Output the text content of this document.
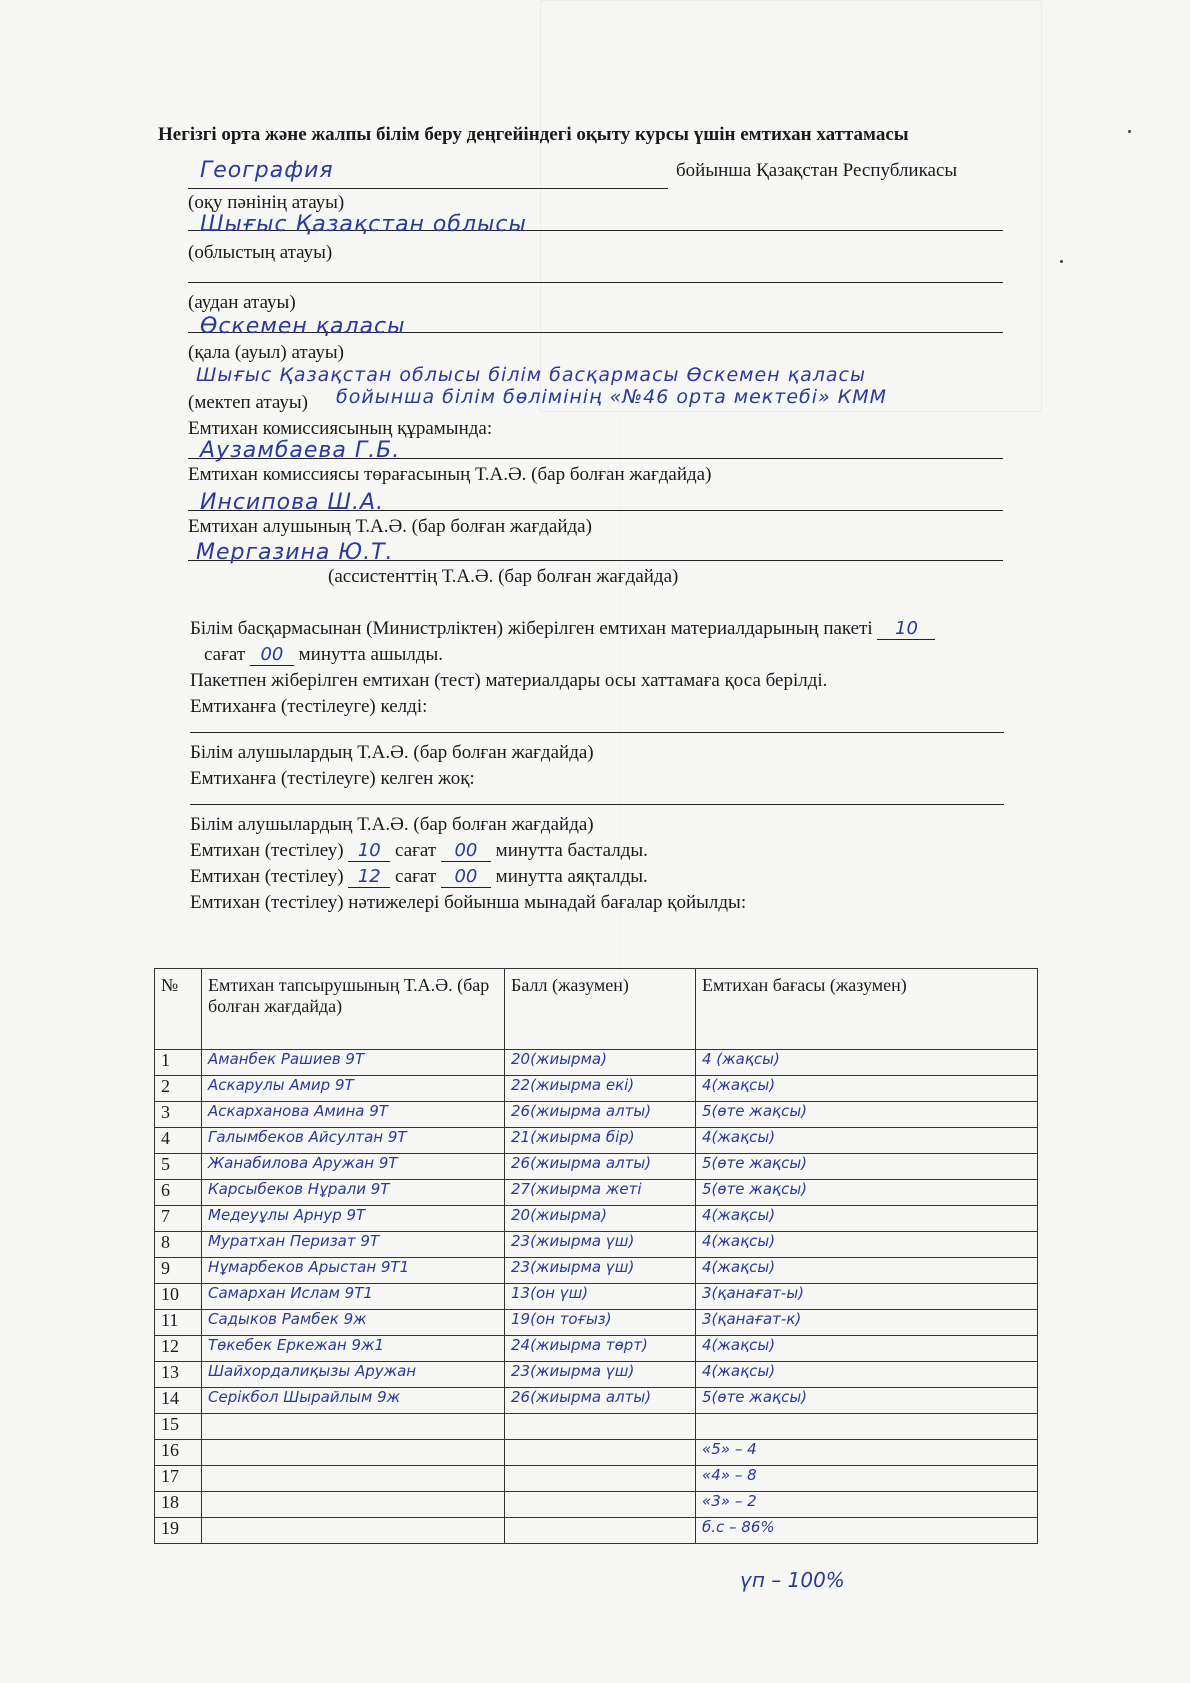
Негізгі орта және жалпы білім беру деңгейіндегі оқыту курсы үшін емтихан хаттамасы
География	бойынша Қазақстан Республикасы
(оқу пәнінің атауы)
Шығыс Қазақстан облысы
(облыстың атауы)
(аудан атауы)
Өскемен қаласы
(қала (ауыл) атауы)
Шығыс Қазақстан облысы білім басқармасы Өскемен қаласы
(мектеп атауы) бойынша білім бөлімінің «№46 орта мектебі» КММ
Емтихан комиссиясының құрамында:
Аузамбаева Г.Б.
Емтихан комиссиясы төрағасының Т.А.Ә. (бар болған жағдайда)
Инсипова Ш.А.
Емтихан алушының Т.А.Ә. (бар болған жағдайда)
Мергазина Ю.Т.
(ассистенттің Т.А.Ә. (бар болған жағдайда)
Білім басқармасынан (Министрліктен) жіберілген емтихан материалдарының пакеті 10
сағат 00 минутта ашылды.
Пакетпен жіберілген емтихан (тест) материалдары осы хаттамаға қоса берілді.
Емтиханға (тестілеуге) келді:
Білім алушылардың Т.А.Ә. (бар болған жағдайда)
Емтиханға (тестілеуге) келген жоқ:
Білім алушылардың Т.А.Ә. (бар болған жағдайда)
Емтихан (тестілеу) 10 сағат 00 минутта басталды.
Емтихан (тестілеу) 12 сағат 00 минутта аяқталды.
Емтихан (тестілеу) нәтижелері бойынша мынадай бағалар қойылды:
№	Емтихан тапсырушының Т.А.Ә. (бар болған жағдайда)	Балл (жазумен)	Емтихан бағасы (жазумен)
1	Аманбек Рашиев 9Т	20(жиырма)	4 (жақсы)
2	Аскарулы Амир 9Т	22(жиырма екі)	4(жақсы)
3	Аскарханова Амина 9Т	26(жиырма алты)	5(өте жақсы)
4	Галымбеков Айсултан 9Т	21(жиырма бір)	4(жақсы)
5	Жанабилова Аружан 9Т	26(жиырма алты)	5(өте жақсы)
6	Карсыбеков Нұрали 9Т	27(жиырма жеті	5(өте жақсы)
7	Медеуұлы Арнур 9Т	20(жиырма)	4(жақсы)
8	Муратхан Перизат 9Т	23(жиырма үш)	4(жақсы)
9	Нұмарбеков Арыстан 9Т1	23(жиырма үш)	4(жақсы)
10	Самархан Ислам 9Т1	13(он үш)	3(қанағат-ы)
11	Садыков Рамбек 9ж	19(он тоғыз)	3(қанағат-к)
12	Төкебек Еркежан 9ж1	24(жиырма төрт)	4(жақсы)
13	Шайхордалиқызы Аружан	23(жиырма үш)	4(жақсы)
14	Серікбол Шырайлым 9ж	26(жиырма алты)	5(өте жақсы)
15			
16			«5» – 4
17			«4» – 8
18			«3» – 2
19			б.с – 86%
үп – 100%
